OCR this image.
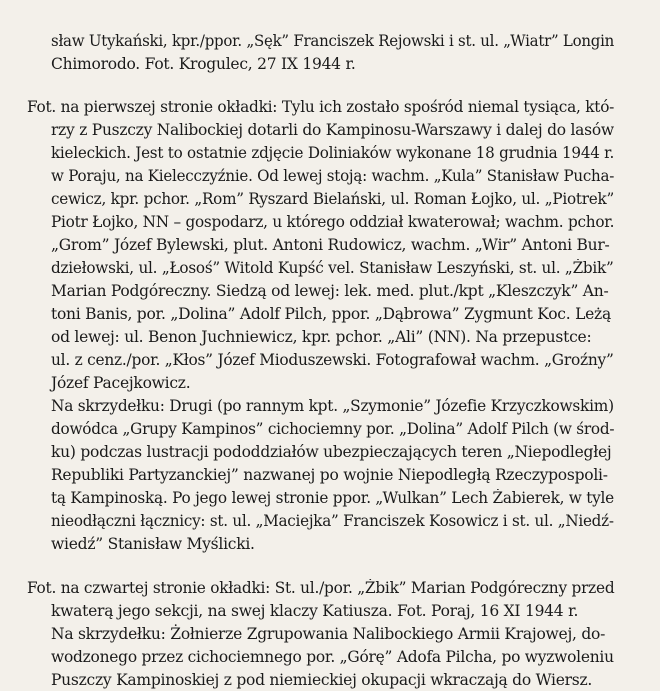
sław Utykański, kpr./ppor. „Sęk” Franciszek Rejowski i st. ul. „Wiatr” Longin
Chimorodo. Fot. Krogulec, 27 IX 1944 r.
Fot. na pierwszej stronie okładki: Tylu ich zostało spośród niemal tysiąca, któ-
rzy z Puszczy Nalibockiej dotarli do Kampinosu-Warszawy i dalej do lasów
kieleckich. Jest to ostatnie zdjęcie Doliniaków wykonane 18 grudnia 1944 r.
w Poraju, na Kielecczyźnie. Od lewej stoją: wachm. „Kula” Stanisław Pucha-
cewicz, kpr. pchor. „Rom” Ryszard Bielański, ul. Roman Łojko, ul. „Piotrek”
Piotr Łojko, NN – gospodarz, u którego oddział kwaterował; wachm. pchor.
„Grom” Józef Bylewski, plut. Antoni Rudowicz, wachm. „Wir” Antoni Bur-
dziełowski, ul. „Łosoś” Witold Kupść vel. Stanisław Leszyński, st. ul. „Żbik”
Marian Podgóreczny. Siedzą od lewej: lek. med. plut./kpt „Kleszczyk” An-
toni Banis, por. „Dolina” Adolf Pilch, ppor. „Dąbrowa” Zygmunt Koc. Leżą
od lewej: ul. Benon Juchniewicz, kpr. pchor. „Ali” (NN). Na przepustce:
ul. z cenz./por. „Kłos” Józef Mioduszewski. Fotografował wachm. „Groźny”
Józef Pacejkowicz.
Na skrzydełku: Drugi (po rannym kpt. „Szymonie” Józefie Krzyczkowskim)
dowódca „Grupy Kampinos” cichociemny por. „Dolina” Adolf Pilch (w środ-
ku) podczas lustracji pododdziałów ubezpieczających teren „Niepodległej
Republiki Partyzanckiej” nazwanej po wojnie Niepodległą Rzeczypospoli-
tą Kampinoską. Po jego lewej stronie ppor. „Wulkan” Lech Żabierek, w tyle
nieodłączni łącznicy: st. ul. „Maciejka” Franciszek Kosowicz i st. ul. „Niedź-
wiedź” Stanisław Myślicki.
Fot. na czwartej stronie okładki: St. ul./por. „Żbik” Marian Podgóreczny przed
kwaterą jego sekcji, na swej klaczy Katiusza. Fot. Poraj, 16 XI 1944 r.
Na skrzydełku: Żołnierze Zgrupowania Nalibockiego Armii Krajowej, do-
wodzonego przez cichociemnego por. „Górę” Adofa Pilcha, po wyzwoleniu
Puszczy Kampinoskiej z pod niemieckiej okupacji wkraczają do Wiersz.
